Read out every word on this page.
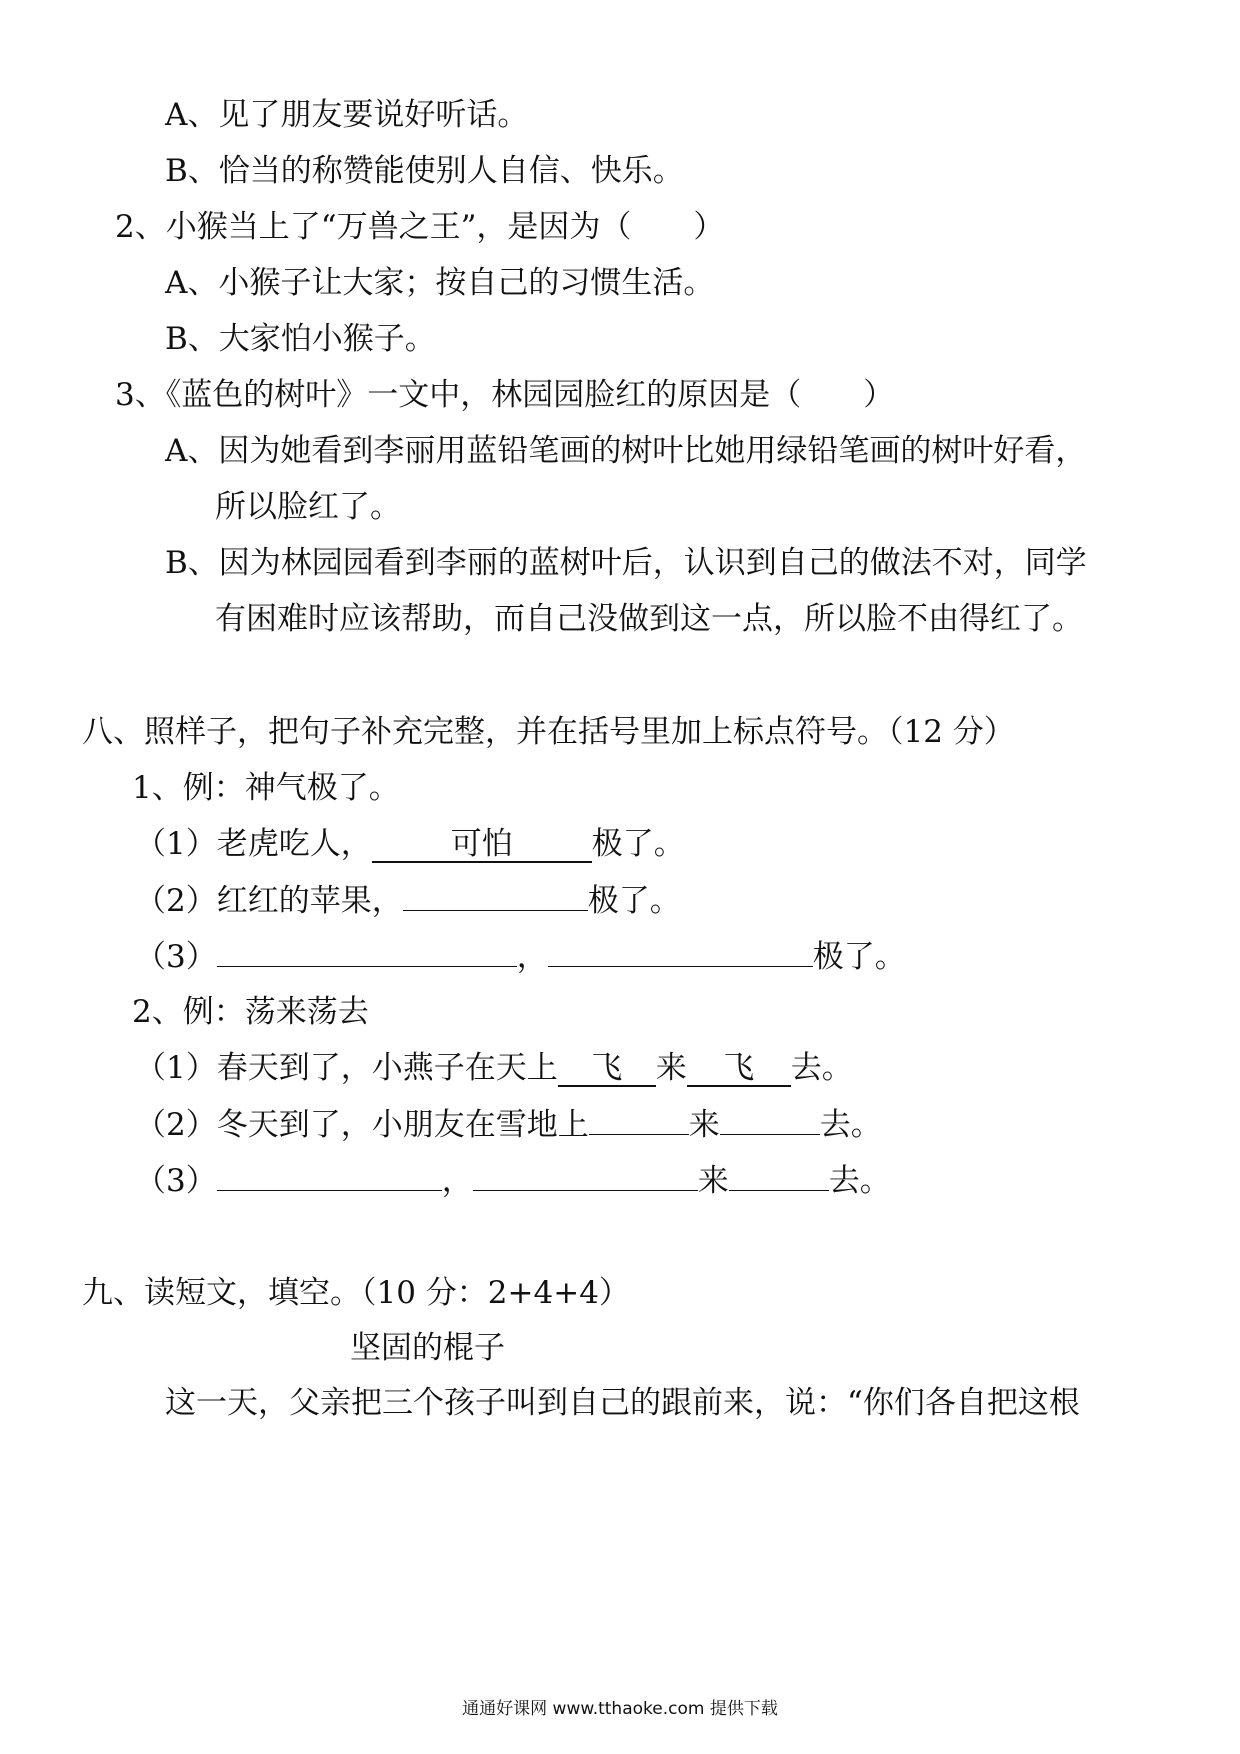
A、见了朋友要说好听话。
B、恰当的称赞能使别人自信、快乐。
2、小猴当上了“万兽之王”，是因为（　　）
A、小猴子让大家；按自己的习惯生活。
B、大家怕小猴子。
3、《蓝色的树叶》一文中，林园园脸红的原因是（　　）
A、因为她看到李丽用蓝铅笔画的树叶比她用绿铅笔画的树叶好看，
所以脸红了。
B、因为林园园看到李丽的蓝树叶后，认识到自己的做法不对，同学
有困难时应该帮助，而自己没做到这一点，所以脸不由得红了。
八、照样子，把句子补充完整，并在括号里加上标点符号。（12 分）
1、例：神气极了。
（1）老虎吃人，	可怕	极了。
（2）红红的苹果，	极了。
（3）	，	极了。
2、例：荡来荡去
（1）春天到了，小燕子在天上 飞 来 飞 去。
（2）冬天到了，小朋友在雪地上	来	去。
（3）	，	来	去。
九、读短文，填空。（10 分：2+4+4）
坚固的棍子
这一天，父亲把三个孩子叫到自己的跟前来，说：“你们各自把这根
通通好课网 www.tthaoke.com 提供下载
